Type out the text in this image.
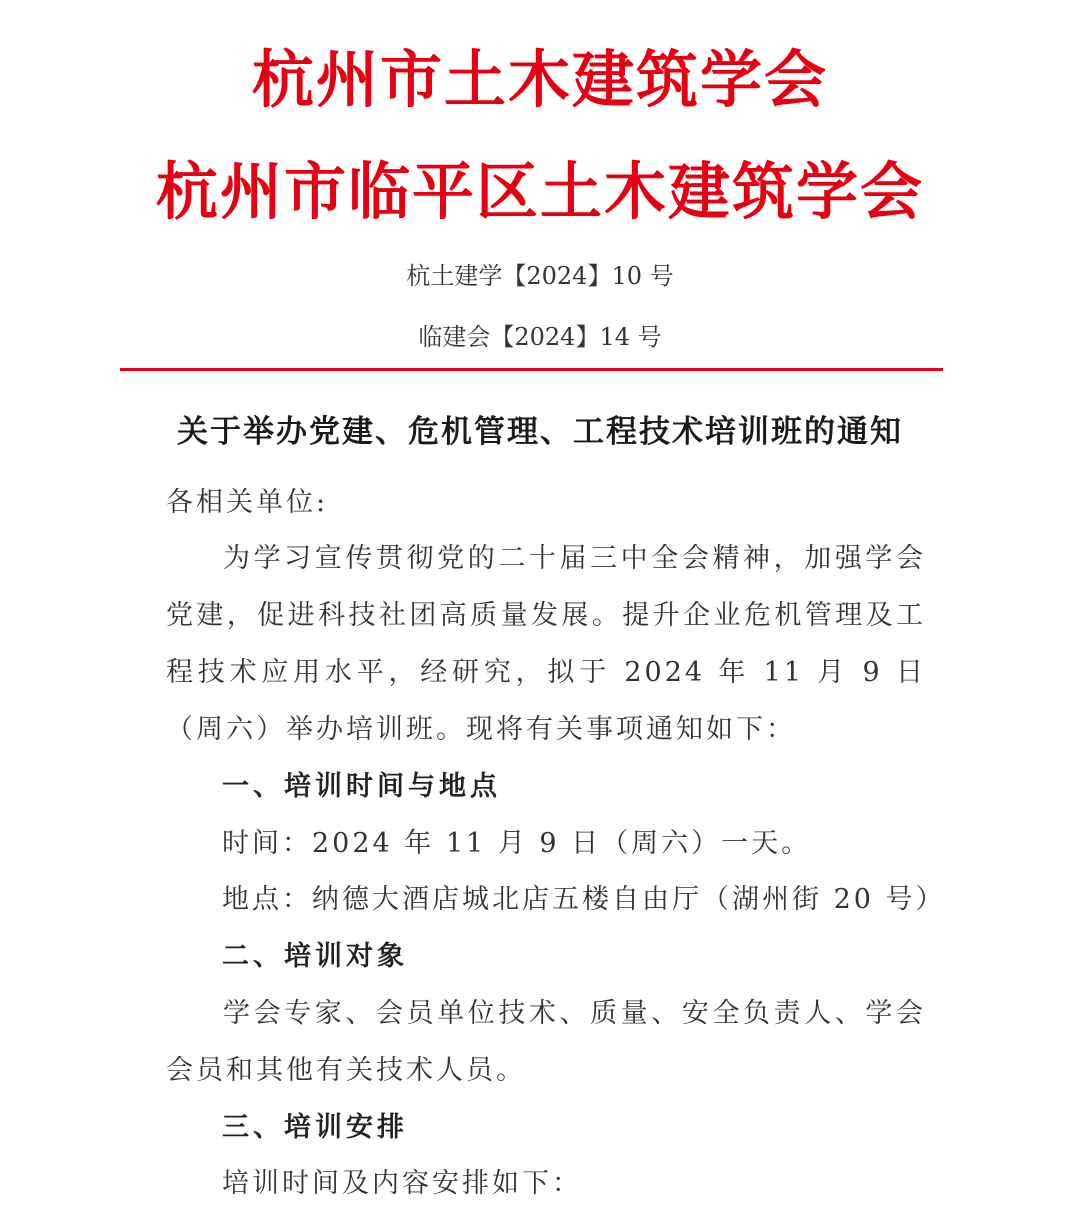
杭州市土木建筑学会
杭州市临平区土木建筑学会
杭土建学【2024】10 号
临建会【2024】14 号
关于举办党建、危机管理、工程技术培训班的通知
各相关单位:
为学习宣传贯彻党的二十届三中全会精神，加强学会党建，促进科技社团高质量发展。提升企业危机管理及工程技术应用水平，经研究，拟于 2024 年 11 月 9 日（周六）举办培训班。现将有关事项通知如下：
一、培训时间与地点
时间：2024 年 11 月 9 日（周六）一天。
地点：纳德大酒店城北店五楼自由厅（湖州街 20 号）
二、培训对象
学会专家、会员单位技术、质量、安全负责人、学会会员和其他有关技术人员。
三、培训安排
培训时间及内容安排如下：
